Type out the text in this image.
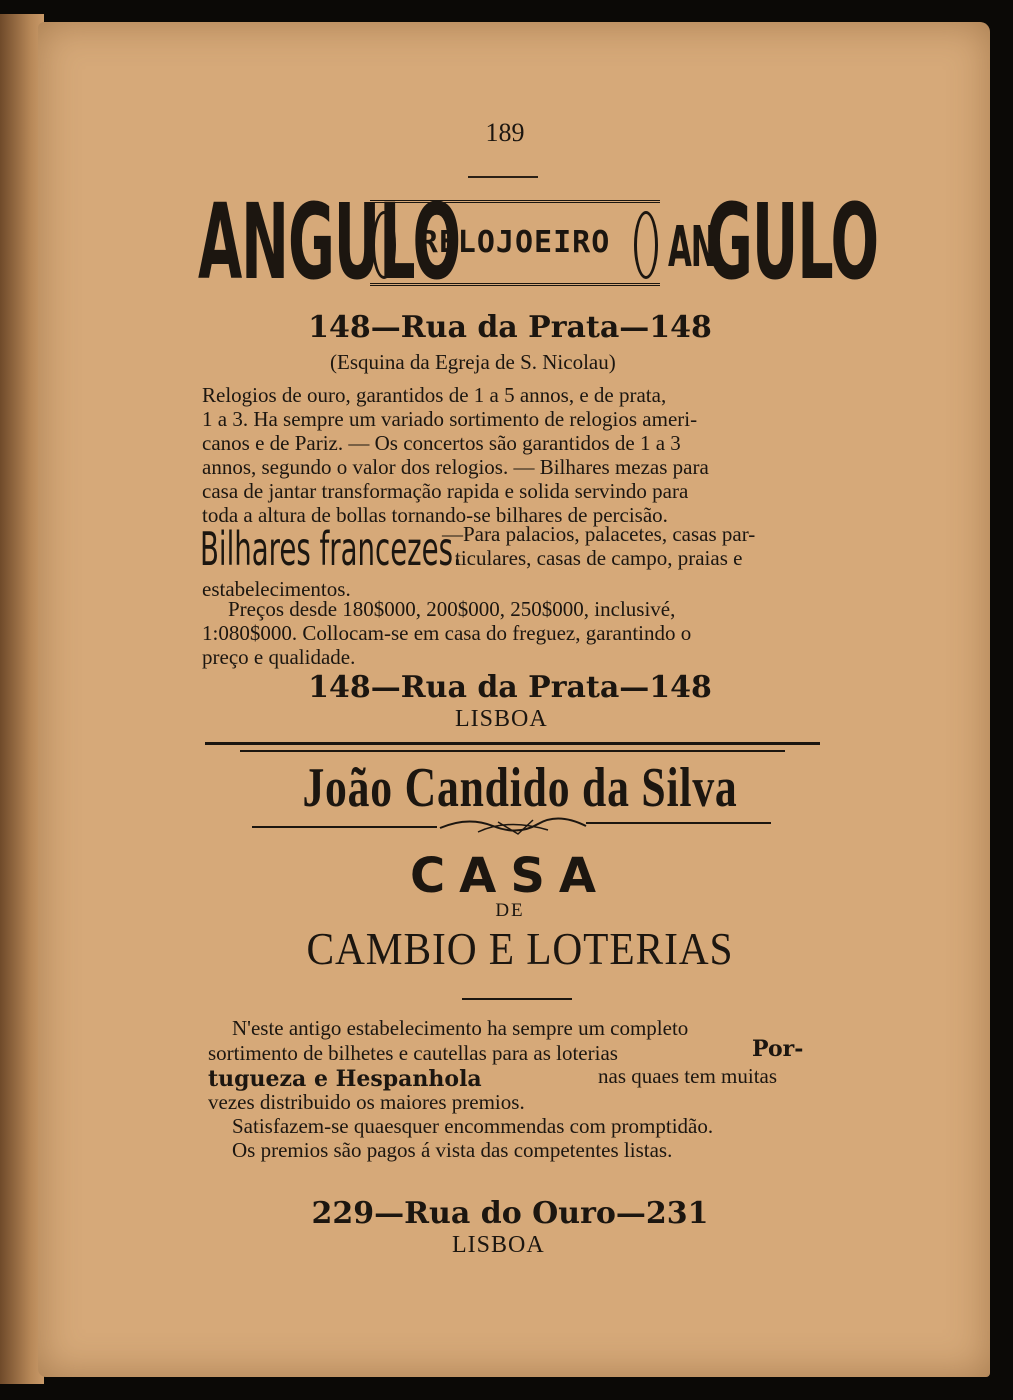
189
ANGULO
RELOJOEIRO	AN
GULO
148—Rua da Prata—148
(Esquina da Egreja de S. Nicolau)
Relogios de ouro, garantidos de 1 a 5 annos, e de prata,
1 a 3. Ha sempre um variado sortimento de relogios ameri-
canos e de Pariz. — Os concertos são garantidos de 1 a 3
annos, segundo o valor dos relogios. — Bilhares mezas para
casa de jantar transformação rapida e solida servindo para
toda a altura de bollas tornando-se bilhares de percisão.
Bilhares francezes.
—Para palacios, palacetes, casas par-
ticulares, casas de campo, praias e
estabelecimentos.
Preços desde 180$000, 200$000, 250$000, inclusivé,
1:080$000. Collocam-se em casa do freguez, garantindo o
preço e qualidade.
148—Rua da Prata—148
LISBOA
João Candido da Silva
CASA
DE
CAMBIO E LOTERIAS
N'este antigo estabelecimento ha sempre um completo
sortimento de bilhetes e cautellas para as loterias	Por-
tugueza e Hespanhola	nas quaes tem muitas
vezes distribuido os maiores premios.
Satisfazem-se quaesquer encommendas com promptidão.
Os premios são pagos á vista das competentes listas.
229—Rua do Ouro—231
LISBOA
